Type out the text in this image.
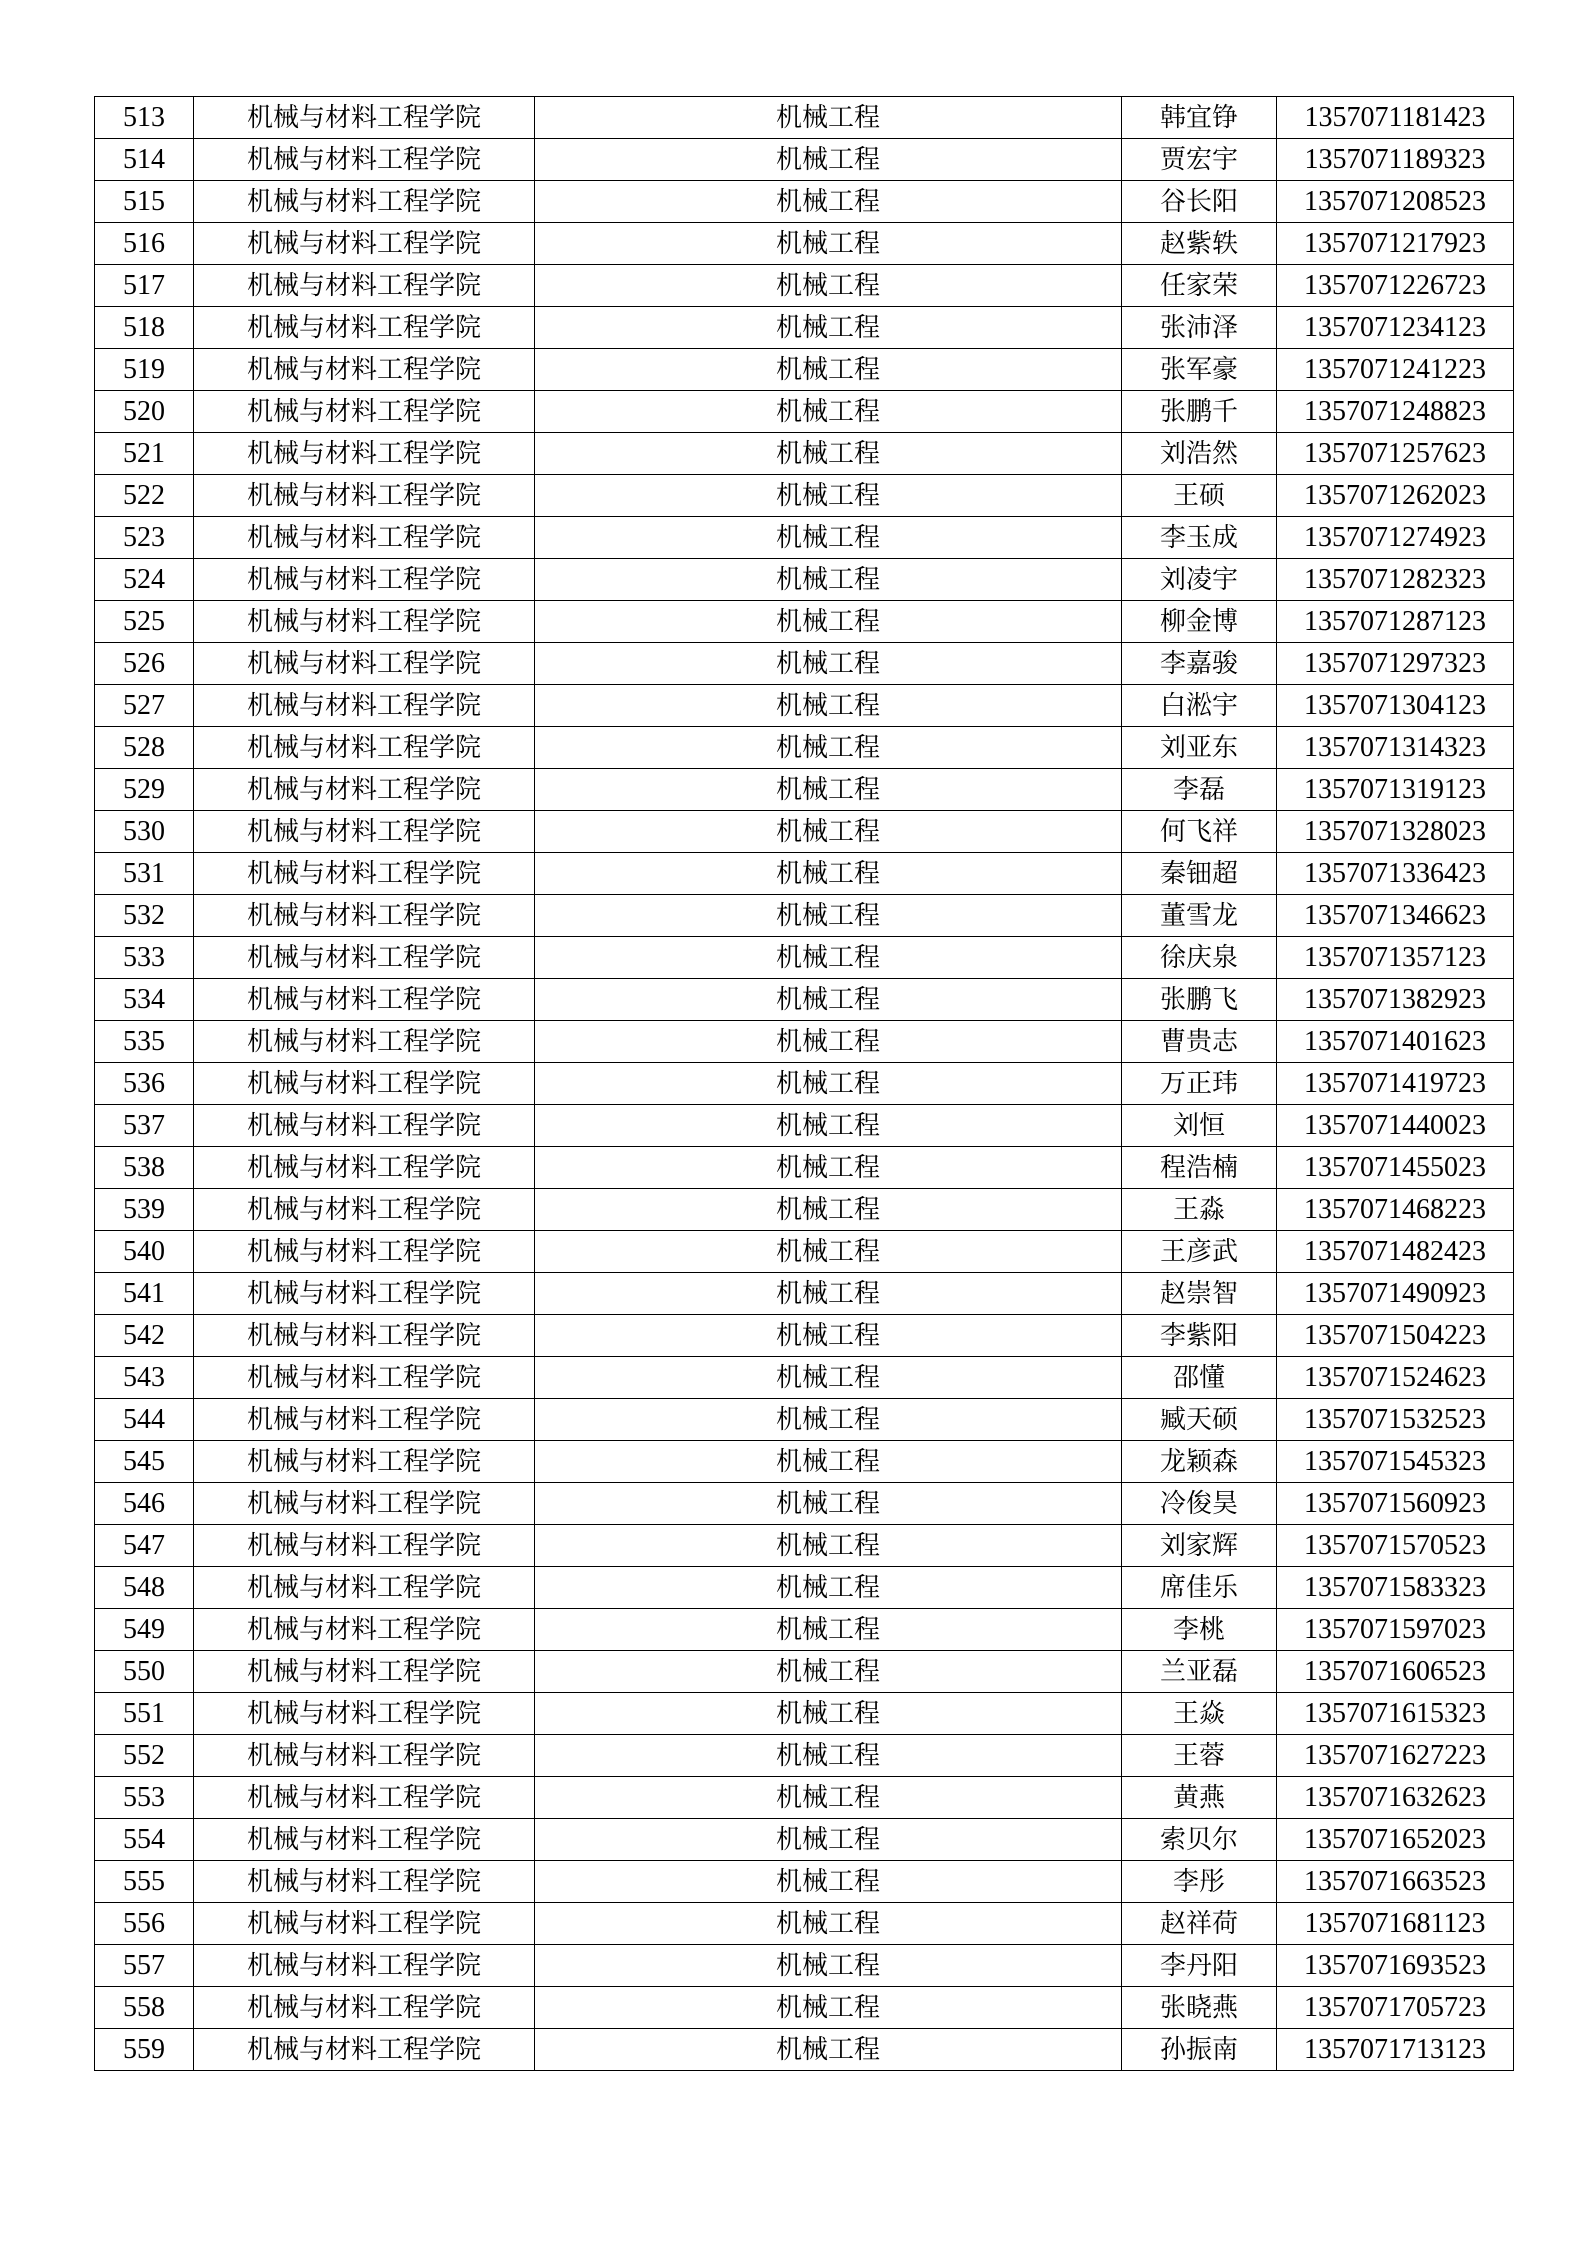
513	机械与材料工程学院	机械工程	韩宜铮	1357071181423
514	机械与材料工程学院	机械工程	贾宏宇	1357071189323
515	机械与材料工程学院	机械工程	谷长阳	1357071208523
516	机械与材料工程学院	机械工程	赵紫轶	1357071217923
517	机械与材料工程学院	机械工程	任家荣	1357071226723
518	机械与材料工程学院	机械工程	张沛泽	1357071234123
519	机械与材料工程学院	机械工程	张军豪	1357071241223
520	机械与材料工程学院	机械工程	张鹏千	1357071248823
521	机械与材料工程学院	机械工程	刘浩然	1357071257623
522	机械与材料工程学院	机械工程	王硕	1357071262023
523	机械与材料工程学院	机械工程	李玉成	1357071274923
524	机械与材料工程学院	机械工程	刘凌宇	1357071282323
525	机械与材料工程学院	机械工程	柳金博	1357071287123
526	机械与材料工程学院	机械工程	李嘉骏	1357071297323
527	机械与材料工程学院	机械工程	白淞宇	1357071304123
528	机械与材料工程学院	机械工程	刘亚东	1357071314323
529	机械与材料工程学院	机械工程	李磊	1357071319123
530	机械与材料工程学院	机械工程	何飞祥	1357071328023
531	机械与材料工程学院	机械工程	秦钿超	1357071336423
532	机械与材料工程学院	机械工程	董雪龙	1357071346623
533	机械与材料工程学院	机械工程	徐庆泉	1357071357123
534	机械与材料工程学院	机械工程	张鹏飞	1357071382923
535	机械与材料工程学院	机械工程	曹贵志	1357071401623
536	机械与材料工程学院	机械工程	万正玮	1357071419723
537	机械与材料工程学院	机械工程	刘恒	1357071440023
538	机械与材料工程学院	机械工程	程浩楠	1357071455023
539	机械与材料工程学院	机械工程	王淼	1357071468223
540	机械与材料工程学院	机械工程	王彦武	1357071482423
541	机械与材料工程学院	机械工程	赵崇智	1357071490923
542	机械与材料工程学院	机械工程	李紫阳	1357071504223
543	机械与材料工程学院	机械工程	邵懂	1357071524623
544	机械与材料工程学院	机械工程	臧天硕	1357071532523
545	机械与材料工程学院	机械工程	龙颖森	1357071545323
546	机械与材料工程学院	机械工程	冷俊昊	1357071560923
547	机械与材料工程学院	机械工程	刘家辉	1357071570523
548	机械与材料工程学院	机械工程	席佳乐	1357071583323
549	机械与材料工程学院	机械工程	李桃	1357071597023
550	机械与材料工程学院	机械工程	兰亚磊	1357071606523
551	机械与材料工程学院	机械工程	王焱	1357071615323
552	机械与材料工程学院	机械工程	王蓉	1357071627223
553	机械与材料工程学院	机械工程	黄燕	1357071632623
554	机械与材料工程学院	机械工程	索贝尔	1357071652023
555	机械与材料工程学院	机械工程	李彤	1357071663523
556	机械与材料工程学院	机械工程	赵祥荷	1357071681123
557	机械与材料工程学院	机械工程	李丹阳	1357071693523
558	机械与材料工程学院	机械工程	张晓燕	1357071705723
559	机械与材料工程学院	机械工程	孙振南	1357071713123
